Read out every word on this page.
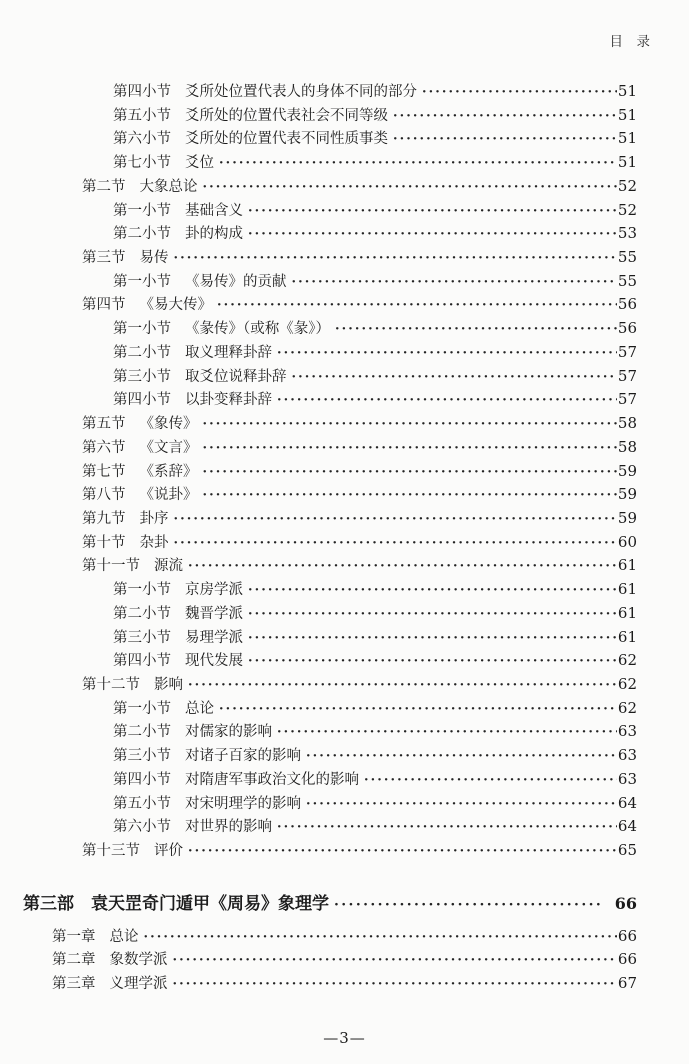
目　录
第四小节 爻所处位置代表人的身体不同的部分 ·····	51
第五小节 爻所处的位置代表社会不同等级 ·····	51
第六小节 爻所处的位置代表不同性质事类 ·····	51
第七小节 爻位 ·····	51
第二节 大象总论 ·····	52
第一小节 基础含义 ·····	52
第二小节 卦的构成 ·····	53
第三节 易传 ·····	55
第一小节 《易传》的贡献 ·····	55
第四节 《易大传》 ·····	56
第一小节 《彖传》（或称《彖》） ·····	56
第二小节 取义理释卦辞 ·····	57
第三小节 取爻位说释卦辞 ·····	57
第四小节 以卦变释卦辞 ·····	57
第五节 《象传》 ·····	58
第六节 《文言》 ·····	58
第七节 《系辞》 ·····	59
第八节 《说卦》 ·····	59
第九节 卦序 ·····	59
第十节 杂卦 ·····	60
第十一节 源流 ·····	61
第一小节 京房学派 ·····	61
第二小节 魏晋学派 ·····	61
第三小节 易理学派 ·····	61
第四小节 现代发展 ·····	62
第十二节 影响 ·····	62
第一小节 总论 ·····	62
第二小节 对儒家的影响 ·····	63
第三小节 对诸子百家的影响 ·····	63
第四小节 对隋唐军事政治文化的影响 ·····	63
第五小节 对宋明理学的影响 ·····	64
第六小节 对世界的影响 ·····	64
第十三节 评价 ·····	65
第三部 袁天罡奇门遁甲《周易》象理学 ·····	66
第一章 总论 ·····	66
第二章 象数学派 ·····	66
第三章 义理学派 ·····	67
—3—
